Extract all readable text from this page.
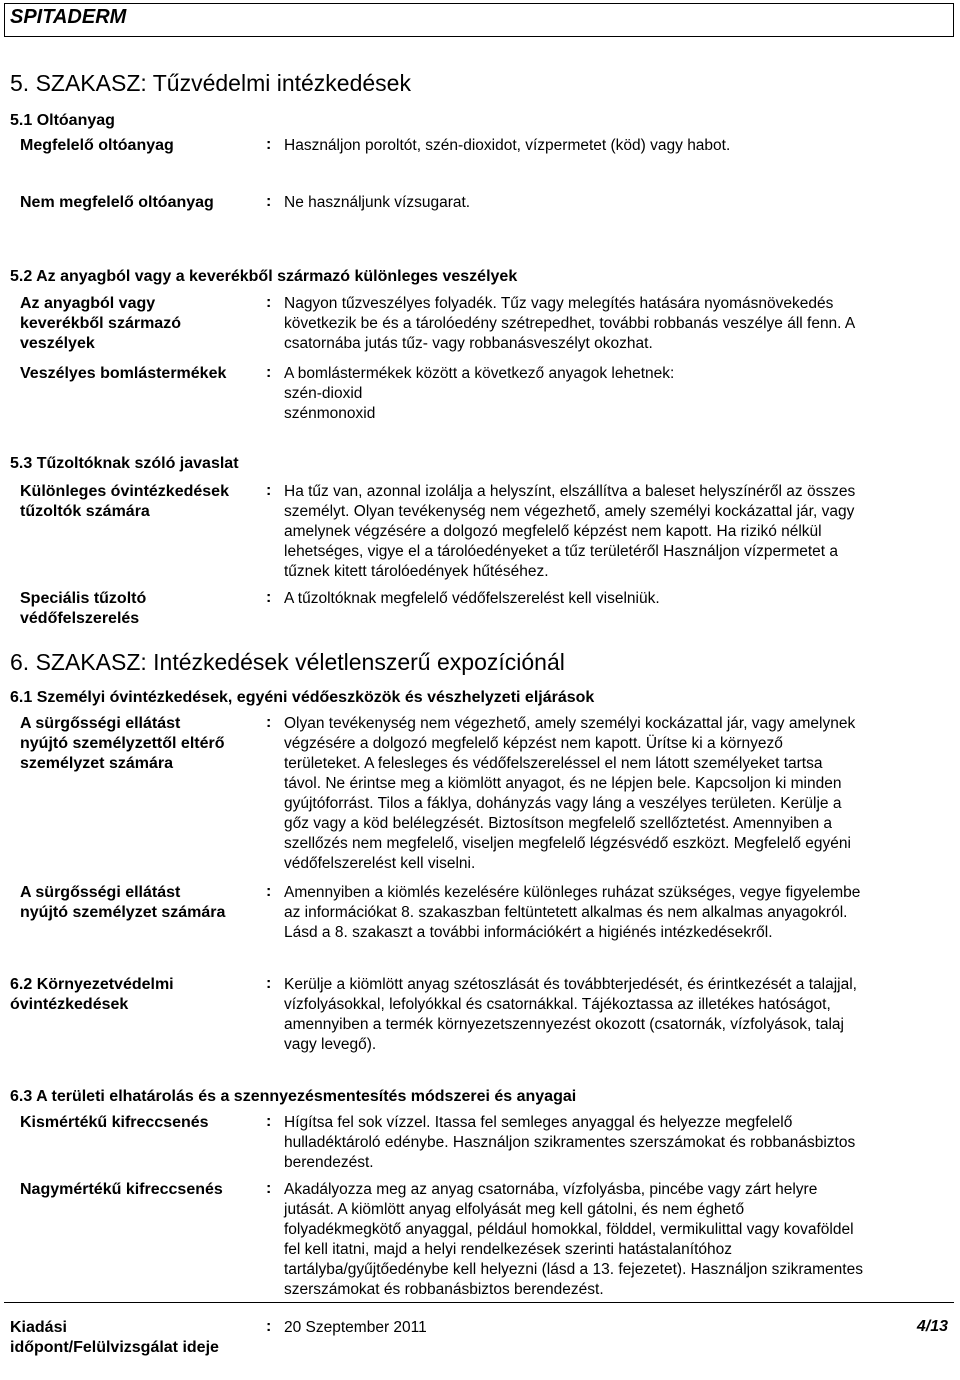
SPITADERM
5. SZAKASZ: Tűzvédelmi intézkedések
5.1 Oltóanyag
Megfelelő oltóanyag	: Használjon poroltót, szén-dioxidot, vízpermetet (köd) vagy habot.
Nem megfelelő oltóanyag	: Ne használjunk vízsugarat.
5.2 Az anyagból vagy a keverékből származó különleges veszélyek
Az anyagból vagy
keverékből származó
veszélyek
: Nagyon tűzveszélyes folyadék. Tűz vagy melegítés hatására nyomásnövekedés
következik be és a tárolóedény szétrepedhet, további robbanás veszélye áll fenn. A
csatornába jutás tűz- vagy robbanásveszélyt okozhat.
Veszélyes bomlástermékek	: A bomlástermékek között a következő anyagok lehetnek:
szén-dioxid
szénmonoxid
5.3 Tűzoltóknak szóló javaslat
Különleges óvintézkedések
tűzoltók számára
: Ha tűz van, azonnal izolálja a helyszínt, elszállítva a baleset helyszínéről az összes
személyt. Olyan tevékenység nem végezhető, amely személyi kockázattal jár, vagy
amelynek végzésére a dolgozó megfelelő képzést nem kapott. Ha rizikó nélkül
lehetséges, vigye el a tárolóedényeket a tűz területéről Használjon vízpermetet a
tűznek kitett tárolóedények hűtéséhez.
Speciális tűzoltó
védőfelszerelés
: A tűzoltóknak megfelelő védőfelszerelést kell viselniük.
6. SZAKASZ: Intézkedések véletlenszerű expozíciónál
6.1 Személyi óvintézkedések, egyéni védőeszközök és vészhelyzeti eljárások
A sürgősségi ellátást
nyújtó személyzettől eltérő
személyzet számára
: Olyan tevékenység nem végezhető, amely személyi kockázattal jár, vagy amelynek
végzésére a dolgozó megfelelő képzést nem kapott. Ürítse ki a környező
területeket. A felesleges és védőfelszereléssel el nem látott személyeket tartsa
távol. Ne érintse meg a kiömlött anyagot, és ne lépjen bele. Kapcsoljon ki minden
gyújtóforrást. Tilos a fáklya, dohányzás vagy láng a veszélyes területen. Kerülje a
gőz vagy a köd belélegzését. Biztosítson megfelelő szellőztetést. Amennyiben a
szellőzés nem megfelelő, viseljen megfelelő légzésvédő eszközt. Megfelelő egyéni
védőfelszerelést kell viselni.
A sürgősségi ellátást
nyújtó személyzet számára
: Amennyiben a kiömlés kezelésére különleges ruházat szükséges, vegye figyelembe
az információkat 8. szakaszban feltüntetett alkalmas és nem alkalmas anyagokról.
Lásd a 8. szakaszt a további információkért a higiénés intézkedésekről.
6.2 Környezetvédelmi
óvintézkedések
: Kerülje a kiömlött anyag szétoszlását és továbbterjedését, és érintkezését a talajjal,
vízfolyásokkal, lefolyókkal és csatornákkal. Tájékoztassa az illetékes hatóságot,
amennyiben a termék környezetszennyezést okozott (csatornák, vízfolyások, talaj
vagy levegő).
6.3 A területi elhatárolás és a szennyezésmentesítés módszerei és anyagai
Kismértékű kifreccsenés	: Hígítsa fel sok vízzel. Itassa fel semleges anyaggal és helyezze megfelelő
hulladéktároló edénybe. Használjon szikramentes szerszámokat és robbanásbiztos
berendezést.
Nagymértékű kifreccsenés	: Akadályozza meg az anyag csatornába, vízfolyásba, pincébe vagy zárt helyre
jutását. A kiömlött anyag elfolyását meg kell gátolni, és nem éghető
folyadékmegkötő anyaggal, például homokkal, földdel, vermikulittal vagy kovaföldel
fel kell itatni, majd a helyi rendelkezések szerinti hatástalanítóhoz
tartályba/gyűjtőedénybe kell helyezni (lásd a 13. fejezetet). Használjon szikramentes
szerszámokat és robbanásbiztos berendezést.
Kiadási
időpont/Felülvizsgálat ideje
: 20 Szeptember 2011	4/13
